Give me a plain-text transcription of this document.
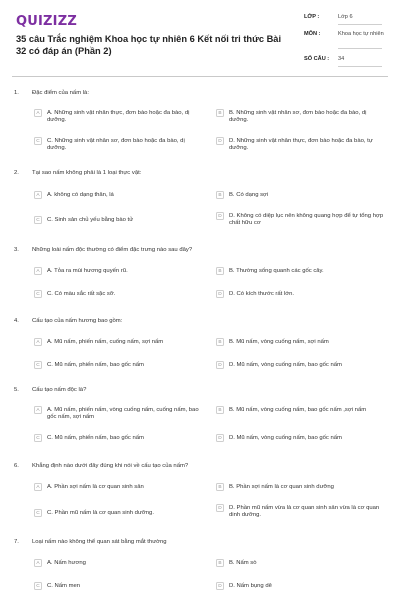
QUIZIZZ
35 câu Trắc nghiệm Khoa học tự nhiên 6 Kết nối tri thức Bài 32 có đáp án (Phần 2)
LỚP :	Lớp 6
MÔN :	Khoa học tự nhiên
SỐ CÂU : 34
1. Đặc điểm của nấm là:
A	A. Những sinh vật nhân thực, đơn bào hoặc đa bào, dị dưỡng.
B	B. Những sinh vật nhân sơ, đơn bào hoặc đa bào, dị dưỡng.
C	C. Những sinh vật nhân sơ, đơn bào hoặc đa bào, dị dưỡng.
D	D. Những sinh vật nhân thực, đơn bào hoặc đa bào, tự dưỡng.
2. Tại sao nấm không phải là 1 loại thực vật:
A	A. không có dạng thân, lá	B	B. Có dạng sợi
C	C. Sinh sản chủ yếu bằng bào tử
D	D. Không có diệp lục nên không quang hợp để tự tổng hợp chất hữu cơ
3. Những loài nấm độc thường có điểm đặc trưng nào sau đây?
A	A. Tỏa ra mùi hương quyến rũ.	B	B. Thường sống quanh các gốc cây.
C	C. Có màu sắc rất sặc sỡ.	D	D. Có kích thước rất lớn.
4. Cấu tạo của nấm hương bao gồm:
A	A. Mũ nấm, phiến nấm, cuống nấm, sợi nấm	B	B. Mũ nấm, vòng cuống nấm, sợi nấm
C	C. Mũ nấm, phiến nấm, bao gốc nấm	D	D. Mũ nấm, vòng cuống nấm, bao gốc nấm
5. Cấu tạo nấm độc là?
A	A. Mũ nấm, phiến nấm, vòng cuống nấm, cuống nấm, bao gốc nấm, sợi nấm
B	B. Mũ nấm, vòng cuống nấm, bao gốc nấm ,sợi nấm
C	C. Mũ nấm, phiến nấm, bao gốc nấm	D	D. Mũ nấm, vòng cuống nấm, bao gốc nấm
6. Khẳng định nào dưới đây đúng khi nói về cấu tạo của nấm?
A	A. Phần sợi nấm là cơ quan sinh sản	B	B. Phần sợi nấm là cơ quan sinh dưỡng
C	C. Phần mũ nấm là cơ quan sinh dưỡng.
D	D. Phần mũ nấm vừa là cơ quan sinh sản vừa là cơ quan dinh dưỡng.
7. Loại nấm nào không thể quan sát bằng mắt thường
A	A. Nấm hương	B	B. Nấm sò
C	C. Nấm men	D	D. Nấm bụng dê
